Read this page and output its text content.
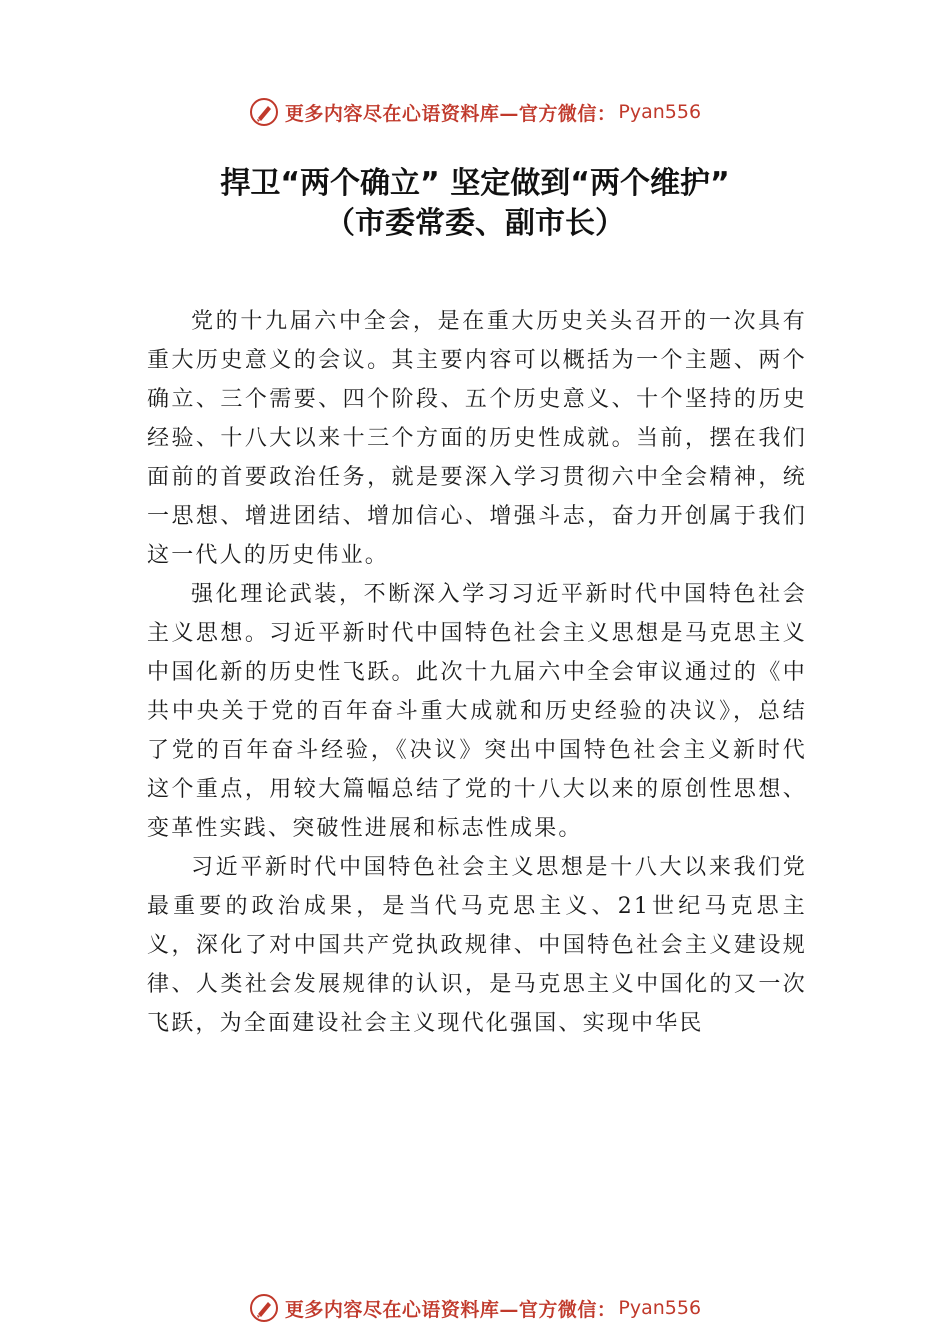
更多内容尽在心语资料库—官方微信： Pyan556
捍卫“两个确立” 坚定做到“两个维护”
（市委常委、副市长）

党的十九届六中全会，是在重大历史关头召开的一次具有重大历史意义的会议。其主要内容可以概括为一个主题、两个确立、三个需要、四个阶段、五个历史意义、十个坚持的历史经验、十八大以来十三个方面的历史性成就。当前，摆在我们面前的首要政治任务，就是要深入学习贯彻六中全会精神，统一思想、增进团结、增加信心、增强斗志，奋力开创属于我们这一代人的历史伟业。

强化理论武装，不断深入学习习近平新时代中国特色社会主义思想。习近平新时代中国特色社会主义思想是马克思主义中国化新的历史性飞跃。此次十九届六中全会审议通过的《中共中央关于党的百年奋斗重大成就和历史经验的决议》，总结了党的百年奋斗经验，《决议》突出中国特色社会主义新时代这个重点，用较大篇幅总结了党的十八大以来的原创性思想、变革性实践、突破性进展和标志性成果。

习近平新时代中国特色社会主义思想是十八大以来我们党最重要的政治成果，是当代马克思主义、21世纪马克思主义，深化了对中国共产党执政规律、中国特色社会主义建设规律、人类社会发展规律的认识，是马克思主义中国化的又一次飞跃，为全面建设社会主义现代化强国、实现中华民

更多内容尽在心语资料库—官方微信： Pyan556
